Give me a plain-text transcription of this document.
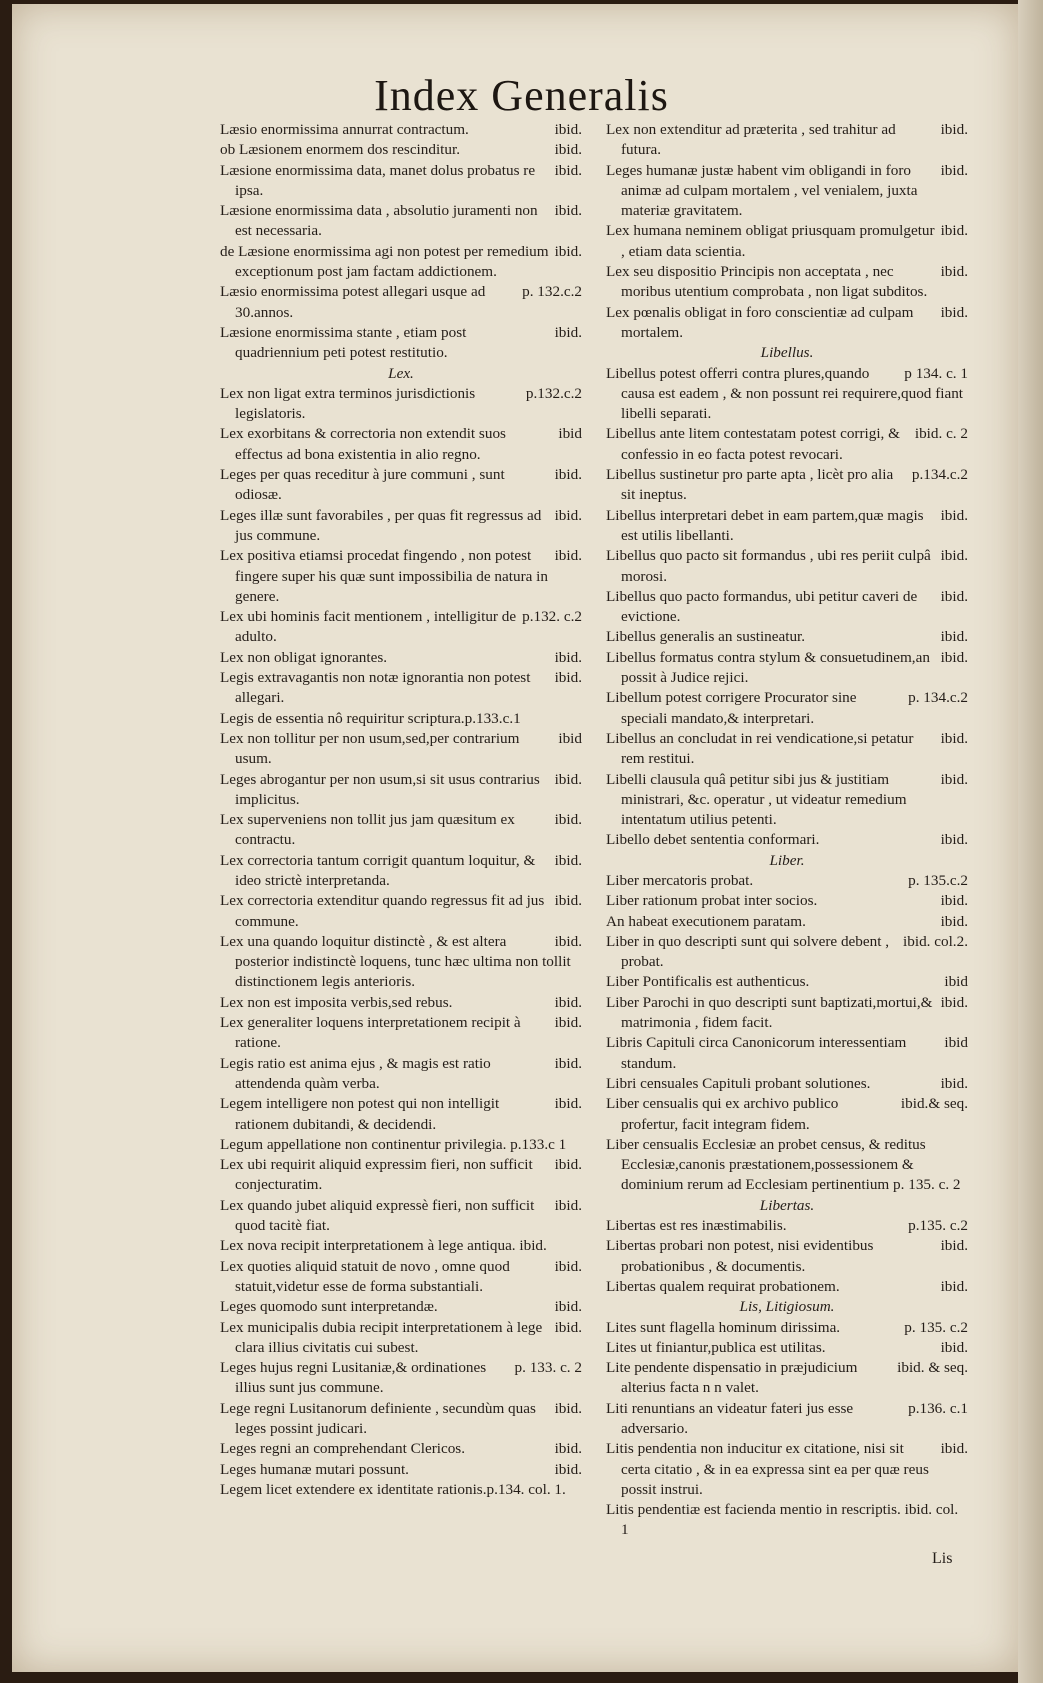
Index Generalis

ibid.
Læsio enormissima annurrat contractum.

ibid.
ob Læsionem enormem dos rescinditur.

ibid.
Læsione enormissima data, manet dolus probatus re ipsa.

ibid.
Læsione enormissima data , absolutio juramenti non est necessaria.

ibid.
de Læsione enormissima agi non potest per remedium exceptionum post jam factam addictionem.

p. 132.c.2
Læsio enormissima potest allegari usque ad 30.annos.

ibid.
Læsione enormissima stante , etiam post quadriennium peti potest restitutio.

Lex.

p.132.c.2
Lex non ligat extra terminos jurisdictionis legislatoris.

ibid
Lex exorbitans & correctoria non extendit suos effectus ad bona existentia in alio regno.

ibid.
Leges per quas receditur à jure communi , sunt odiosæ.

ibid.
Leges illæ sunt favorabiles , per quas fit regressus ad jus commune.

ibid.
Lex positiva etiamsi procedat fingendo , non potest fingere super his quæ sunt impossibilia de natura in genere.

p.132. c.2
Lex ubi hominis facit mentionem , intelligitur de adulto.

ibid.
Lex non obligat ignorantes.

ibid.
Legis extravagantis non notæ ignorantia non potest allegari.

Legis de essentia nô requiritur scriptura.p.133.c.1

ibid
Lex non tollitur per non usum,sed,per contrarium usum.

ibid.
Leges abrogantur per non usum,si sit usus contrarius implicitus.

ibid.
Lex superveniens non tollit jus jam quæsitum ex contractu.

ibid.
Lex correctoria tantum corrigit quantum loquitur, & ideo strictè interpretanda.

ibid.
Lex correctoria extenditur quando regressus fit ad jus commune.

ibid.
Lex una quando loquitur distinctè , & est altera posterior indistinctè loquens, tunc hæc ultima non tollit distinctionem legis anterioris.

ibid.
Lex non est imposita verbis,sed rebus.

ibid.
Lex generaliter loquens interpretationem recipit à ratione.

ibid.
Legis ratio est anima ejus , & magis est ratio attendenda quàm verba.

ibid.
Legem intelligere non potest qui non intelligit rationem dubitandi, & decidendi.

Legum appellatione non continentur privilegia. p.133.c 1

ibid.
Lex ubi requirit aliquid expressim fieri, non sufficit conjecturatim.

ibid.
Lex quando jubet aliquid expressè fieri, non sufficit quod tacitè fiat.

Lex nova recipit interpretationem à lege antiqua. ibid.

ibid.
Lex quoties aliquid statuit de novo , omne quod statuit,videtur esse de forma substantiali.

ibid.
Leges quomodo sunt interpretandæ.

ibid.
Lex municipalis dubia recipit interpretationem à lege clara illius civitatis cui subest.

p. 133. c. 2
Leges hujus regni Lusitaniæ,& ordinationes illius sunt jus commune.

ibid.
Lege regni Lusitanorum definiente , secundùm quas leges possint judicari.

ibid.
Leges regni an comprehendant Clericos.

ibid.
Leges humanæ mutari possunt.

Legem licet extendere ex identitate rationis.p.134. col. 1.

ibid.
Lex non extenditur ad præterita , sed trahitur ad futura.

ibid.
Leges humanæ justæ habent vim obligandi in foro animæ ad culpam mortalem , vel venialem, juxta materiæ gravitatem.

ibid.
Lex humana neminem obligat priusquam promulgetur , etiam data scientia.

ibid.
Lex seu dispositio Principis non acceptata , nec moribus utentium comprobata , non ligat subditos.

ibid.
Lex pœnalis obligat in foro conscientiæ ad culpam mortalem.

Libellus.

p 134. c. 1
Libellus potest offerri contra plures,quando causa est eadem , & non possunt rei requirere,quod fiant libelli separati.

ibid. c. 2
Libellus ante litem contestatam potest corrigi, & confessio in eo facta potest revocari.

p.134.c.2
Libellus sustinetur pro parte apta , licèt pro alia sit ineptus.

ibid.
Libellus interpretari debet in eam partem,quæ magis est utilis libellanti.

ibid.
Libellus quo pacto sit formandus , ubi res periit culpâ morosi.

ibid.
Libellus quo pacto formandus, ubi petitur caveri de evictione.

ibid.
Libellus generalis an sustineatur.

ibid.
Libellus formatus contra stylum & consuetudinem,an possit à Judice rejici.

p. 134.c.2
Libellum potest corrigere Procurator sine speciali mandato,& interpretari.

ibid.
Libellus an concludat in rei vendicatione,si petatur rem restitui.

ibid.
Libelli clausula quâ petitur sibi jus & justitiam ministrari, &c. operatur , ut videatur remedium intentatum utilius petenti.

ibid.
Libello debet sententia conformari.

Liber.

p. 135.c.2
Liber mercatoris probat.

ibid.
Liber rationum probat inter socios.

ibid.
An habeat executionem paratam.

ibid. col.2.
Liber in quo descripti sunt qui solvere debent , probat.

ibid
Liber Pontificalis est authenticus.

ibid.
Liber Parochi in quo descripti sunt baptizati,mortui,& matrimonia , fidem facit.

ibid
Libris Capituli circa Canonicorum interessentiam standum.

ibid.
Libri censuales Capituli probant solutiones.

ibid.& seq.
Liber censualis qui ex archivo publico profertur, facit integram fidem.

Liber censualis Ecclesiæ an probet census, & reditus Ecclesiæ,canonis præstationem,possessionem & dominium rerum ad Ecclesiam pertinentium p. 135. c. 2

Libertas.

p.135. c.2
Libertas est res inæstimabilis.

ibid.
Libertas probari non potest, nisi evidentibus probationibus , & documentis.

ibid.
Libertas qualem requirat probationem.

Lis, Litigiosum.

p. 135. c.2
Lites sunt flagella hominum dirissima.

ibid.
Lites ut finiantur,publica est utilitas.

ibid. & seq.
Lite pendente dispensatio in præjudicium alterius facta n n valet.

p.136. c.1
Liti renuntians an videatur fateri jus esse adversario.

ibid.
Litis pendentia non inducitur ex citatione, nisi sit certa citatio , & in ea expressa sint ea per quæ reus possit instrui.

Litis pendentiæ est facienda mentio in rescriptis. ibid. col. 1

Lis
